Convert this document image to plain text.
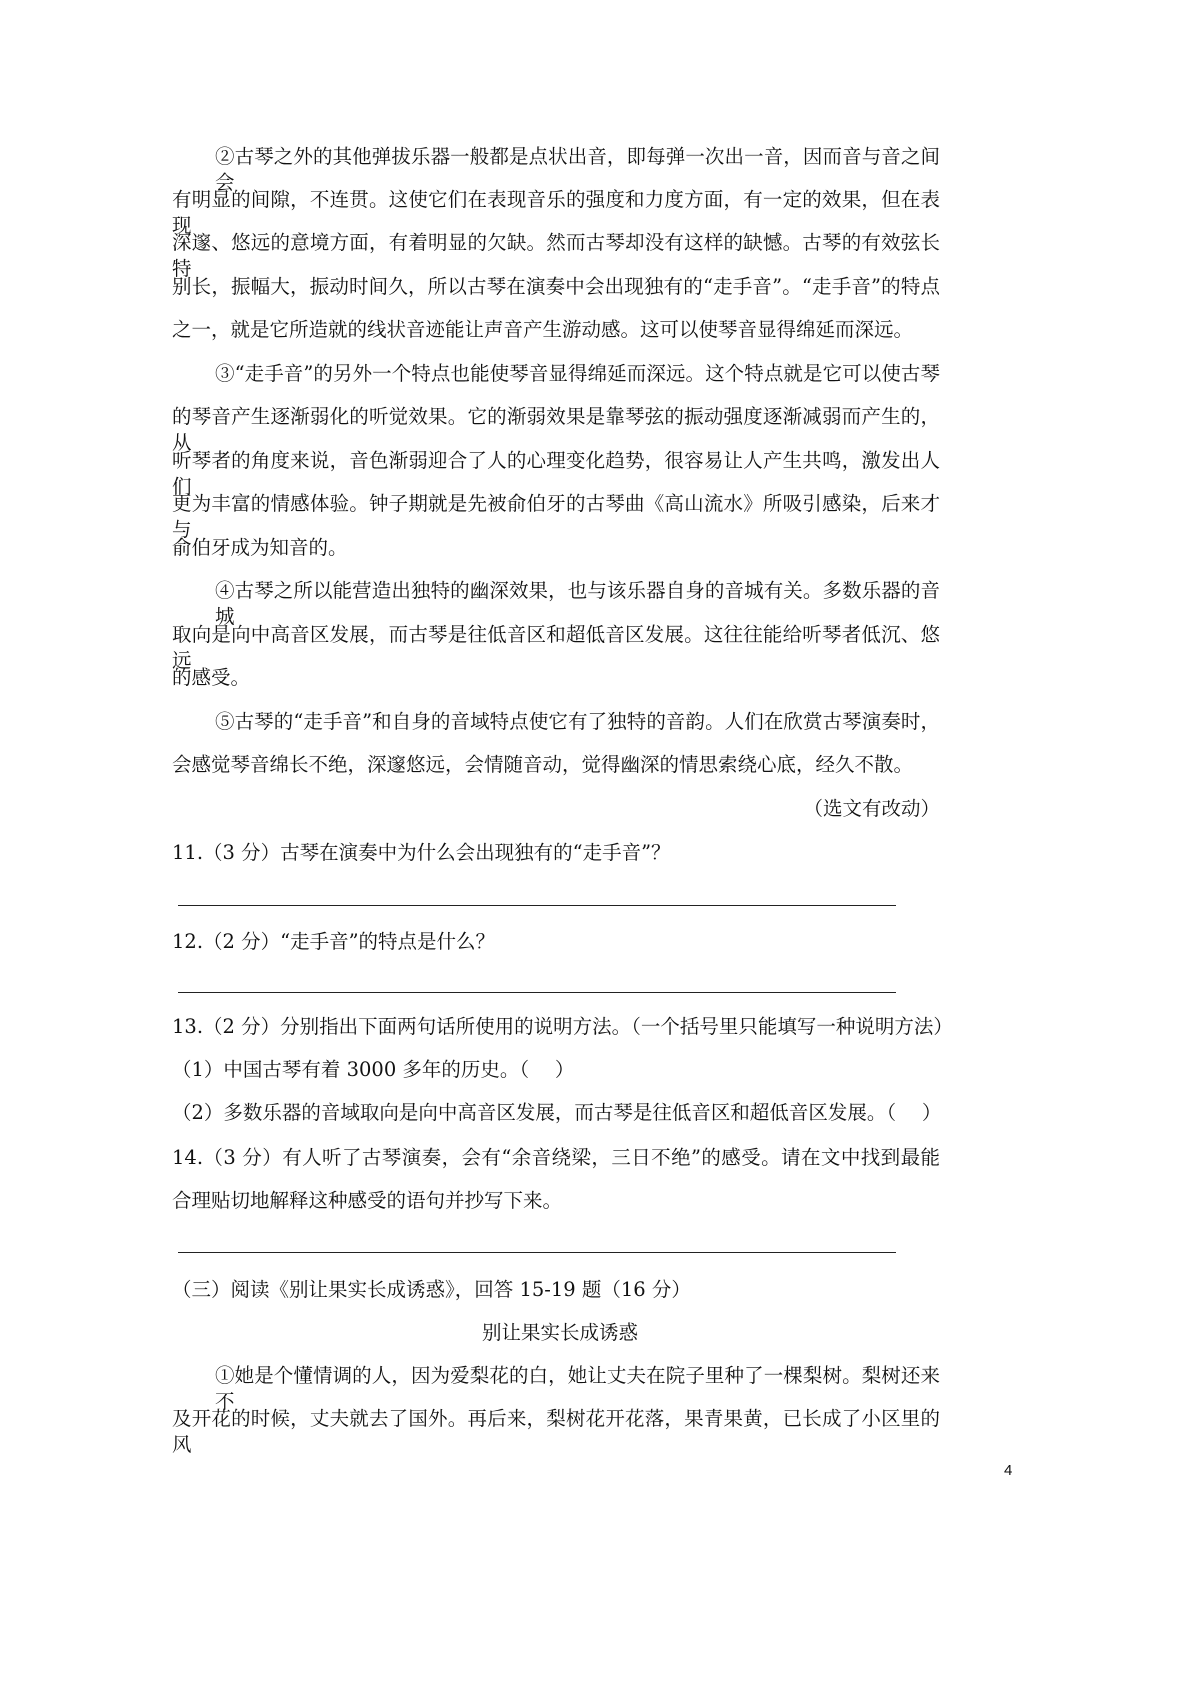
②古琴之外的其他弹拔乐器一般都是点状出音，即每弹一次出一音，因而音与音之间会
有明显的间隙，不连贯。这使它们在表现音乐的强度和力度方面，有一定的效果，但在表现
深邃、悠远的意境方面，有着明显的欠缺。然而古琴却没有这样的缺憾。古琴的有效弦长特
别长，振幅大，振动时间久，所以古琴在演奏中会出现独有的“走手音”。“走手音”的特点
之一，就是它所造就的线状音迹能让声音产生游动感。这可以使琴音显得绵延而深远。
③“走手音”的另外一个特点也能使琴音显得绵延而深远。这个特点就是它可以使古琴
的琴音产生逐渐弱化的听觉效果。它的渐弱效果是靠琴弦的振动强度逐渐减弱而产生的，从
听琴者的角度来说，音色渐弱迎合了人的心理变化趋势，很容易让人产生共鸣，激发出人们
更为丰富的情感体验。钟子期就是先被俞伯牙的古琴曲《高山流水》所吸引感染，后来才与
俞伯牙成为知音的。
④古琴之所以能营造出独特的幽深效果，也与该乐器自身的音城有关。多数乐器的音城
取向是向中高音区发展，而古琴是往低音区和超低音区发展。这往往能给听琴者低沉、悠远
的感受。
⑤古琴的“走手音”和自身的音域特点使它有了独特的音韵。人们在欣赏古琴演奏时，
会感觉琴音绵长不绝，深邃悠远，会情随音动，觉得幽深的情思索绕心底，经久不散。
（选文有改动）
11.（3 分）古琴在演奏中为什么会出现独有的“走手音”？
12.（2 分）“走手音”的特点是什么？
13.（2 分）分别指出下面两句话所使用的说明方法。（一个括号里只能填写一种说明方法）
（1）中国古琴有着 3000 多年的历史。（　 ）
（2）多数乐器的音域取向是向中高音区发展，而古琴是往低音区和超低音区发展。（　 ）
14.（3 分）有人听了古琴演奏，会有“余音绕梁，三日不绝”的感受。请在文中找到最能
合理贴切地解释这种感受的语句并抄写下来。
（三）阅读《别让果实长成诱惑》，回答 15-19 题（16 分）
别让果实长成诱惑
①她是个懂情调的人，因为爱梨花的白，她让丈夫在院子里种了一棵梨树。梨树还来不
及开花的时候，丈夫就去了国外。再后来，梨树花开花落，果青果黄，已长成了小区里的风
4
